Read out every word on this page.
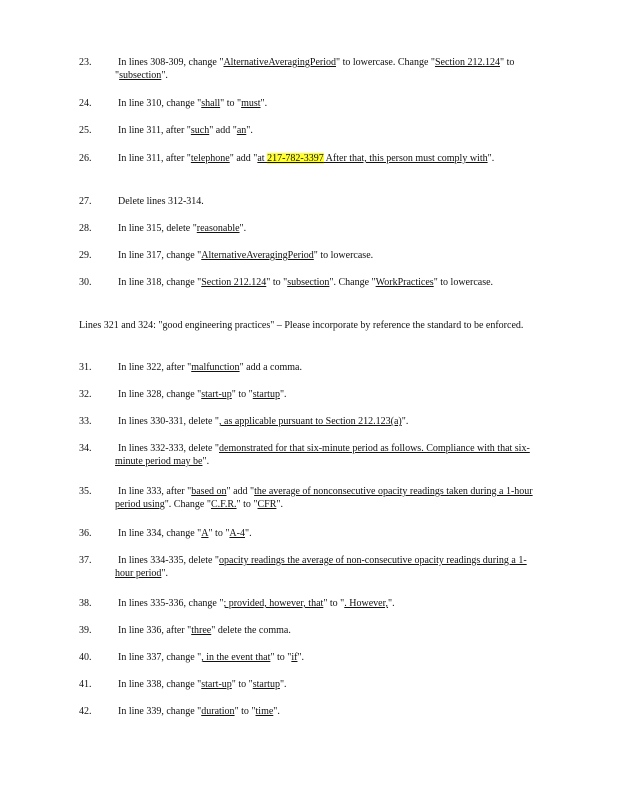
23.	In lines 308-309, change "AlternativeAveragingPeriod" to lowercase. Change "Section 212.124" to "subsection".
24.	In line 310, change "shall" to "must".
25.	In line 311, after "such" add "an".
26.	In line 311, after "telephone" add "at 217-782-3397 After that, this person must comply with".
27.	Delete lines 312-314.
28.	In line 315, delete "reasonable".
29.	In line 317, change "AlternativeAveragingPeriod" to lowercase.
30.	In line 318, change "Section 212.124" to "subsection". Change "WorkPractices" to lowercase.
Lines 321 and 324: "good engineering practices" – Please incorporate by reference the standard to be enforced.
31.	In line 322, after "malfunction" add a comma.
32.	In line 328, change "start-up" to "startup".
33.	In lines 330-331, delete ", as applicable pursuant to Section 212.123(a)".
34.	In lines 332-333, delete "demonstrated for that six-minute period as follows. Compliance with that six-minute period may be".
35.	In line 333, after "based on" add "the average of nonconsecutive opacity readings taken during a 1-hour period using". Change "C.F.R." to "CFR".
36.	In line 334, change "A" to "A-4".
37.	In lines 334-335, delete "opacity readings the average of non-consecutive opacity readings during a 1-hour period".
38.	In lines 335-336, change "; provided, however, that" to ". However,".
39.	In line 336, after "three" delete the comma.
40.	In line 337, change ", in the event that" to "if".
41.	In line 338, change "start-up" to "startup".
42.	In line 339, change "duration" to "time".
